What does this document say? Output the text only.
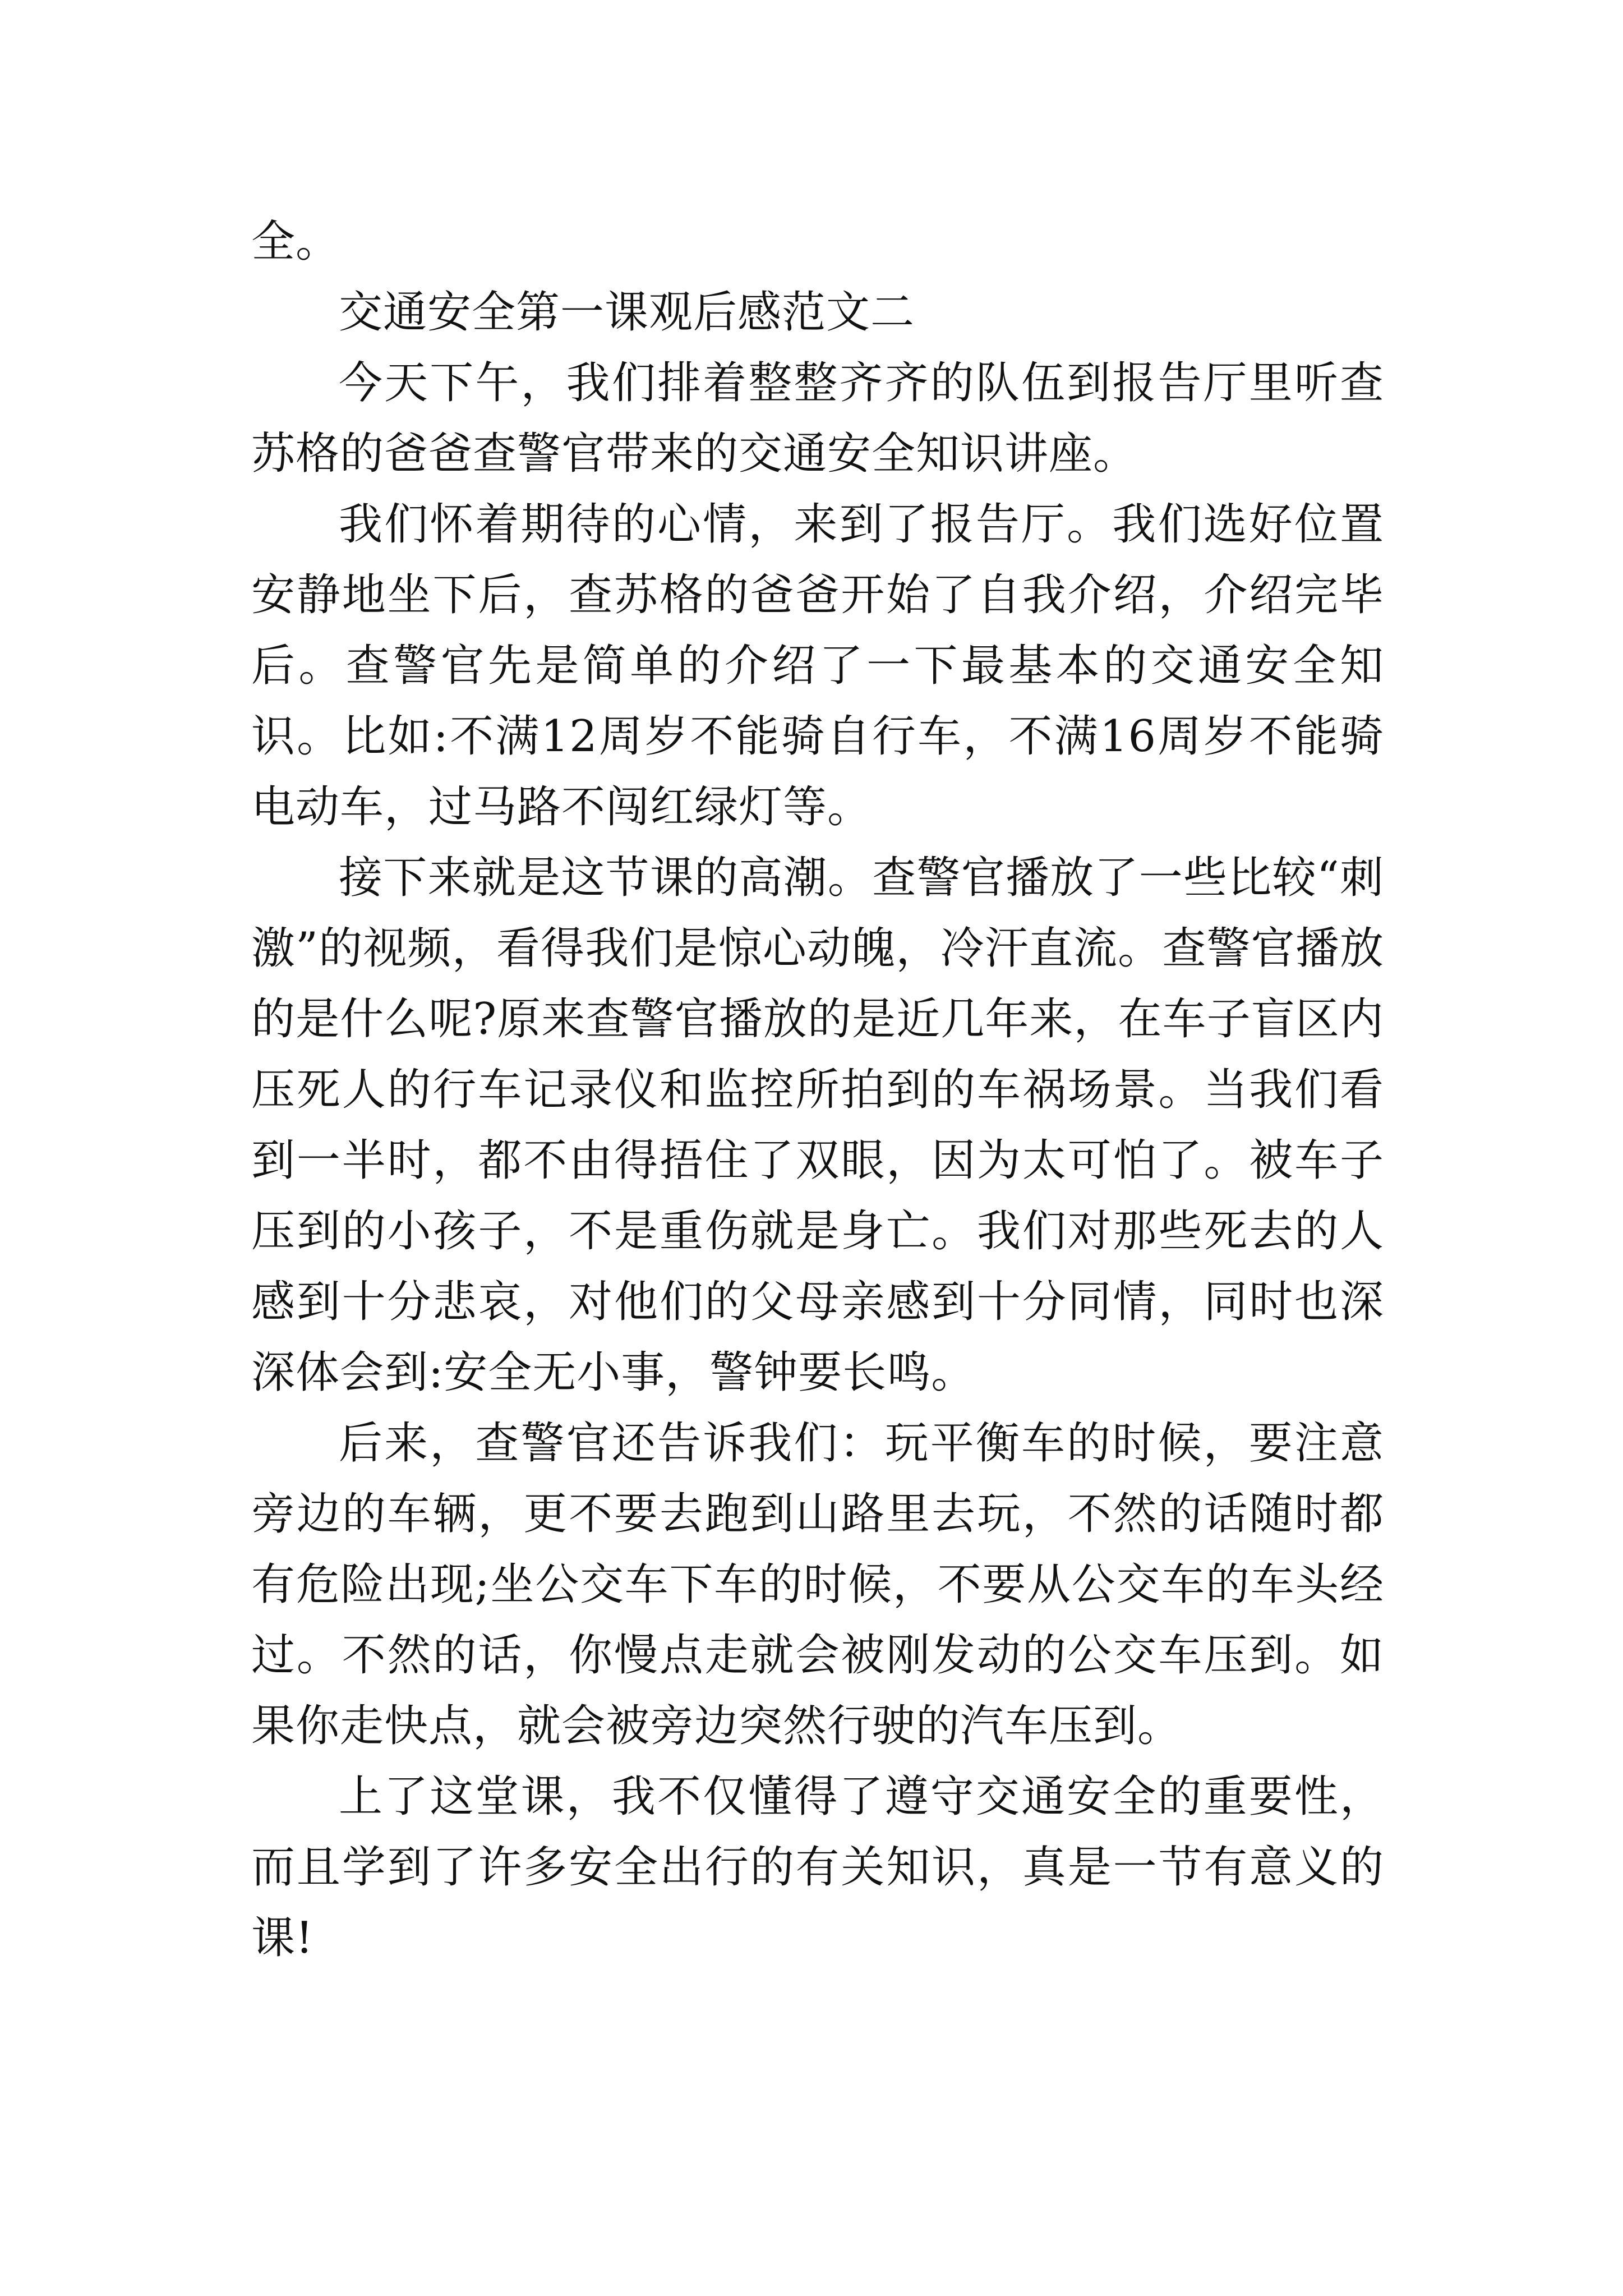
全。

交通安全第一课观后感范文二

今天下午，我们排着整整齐齐的队伍到报告厅里听查苏格的爸爸查警官带来的交通安全知识讲座。

我们怀着期待的心情，来到了报告厅。我们选好位置安静地坐下后，查苏格的爸爸开始了自我介绍，介绍完毕后。查警官先是简单的介绍了一下最基本的交通安全知识。比如:不满12周岁不能骑自行车，不满16周岁不能骑电动车，过马路不闯红绿灯等。

接下来就是这节课的高潮。查警官播放了一些比较“刺激”的视频，看得我们是惊心动魄，冷汗直流。查警官播放的是什么呢?原来查警官播放的是近几年来，在车子盲区内压死人的行车记录仪和监控所拍到的车祸场景。当我们看到一半时，都不由得捂住了双眼，因为太可怕了。被车子压到的小孩子，不是重伤就是身亡。我们对那些死去的人感到十分悲哀，对他们的父母亲感到十分同情，同时也深深体会到:安全无小事，警钟要长鸣。

后来，查警官还告诉我们：玩平衡车的时候，要注意旁边的车辆，更不要去跑到山路里去玩，不然的话随时都有危险出现;坐公交车下车的时候，不要从公交车的车头经过。不然的话，你慢点走就会被刚发动的公交车压到。如果你走快点，就会被旁边突然行驶的汽车压到。

上了这堂课，我不仅懂得了遵守交通安全的重要性，而且学到了许多安全出行的有关知识，真是一节有意义的课!
